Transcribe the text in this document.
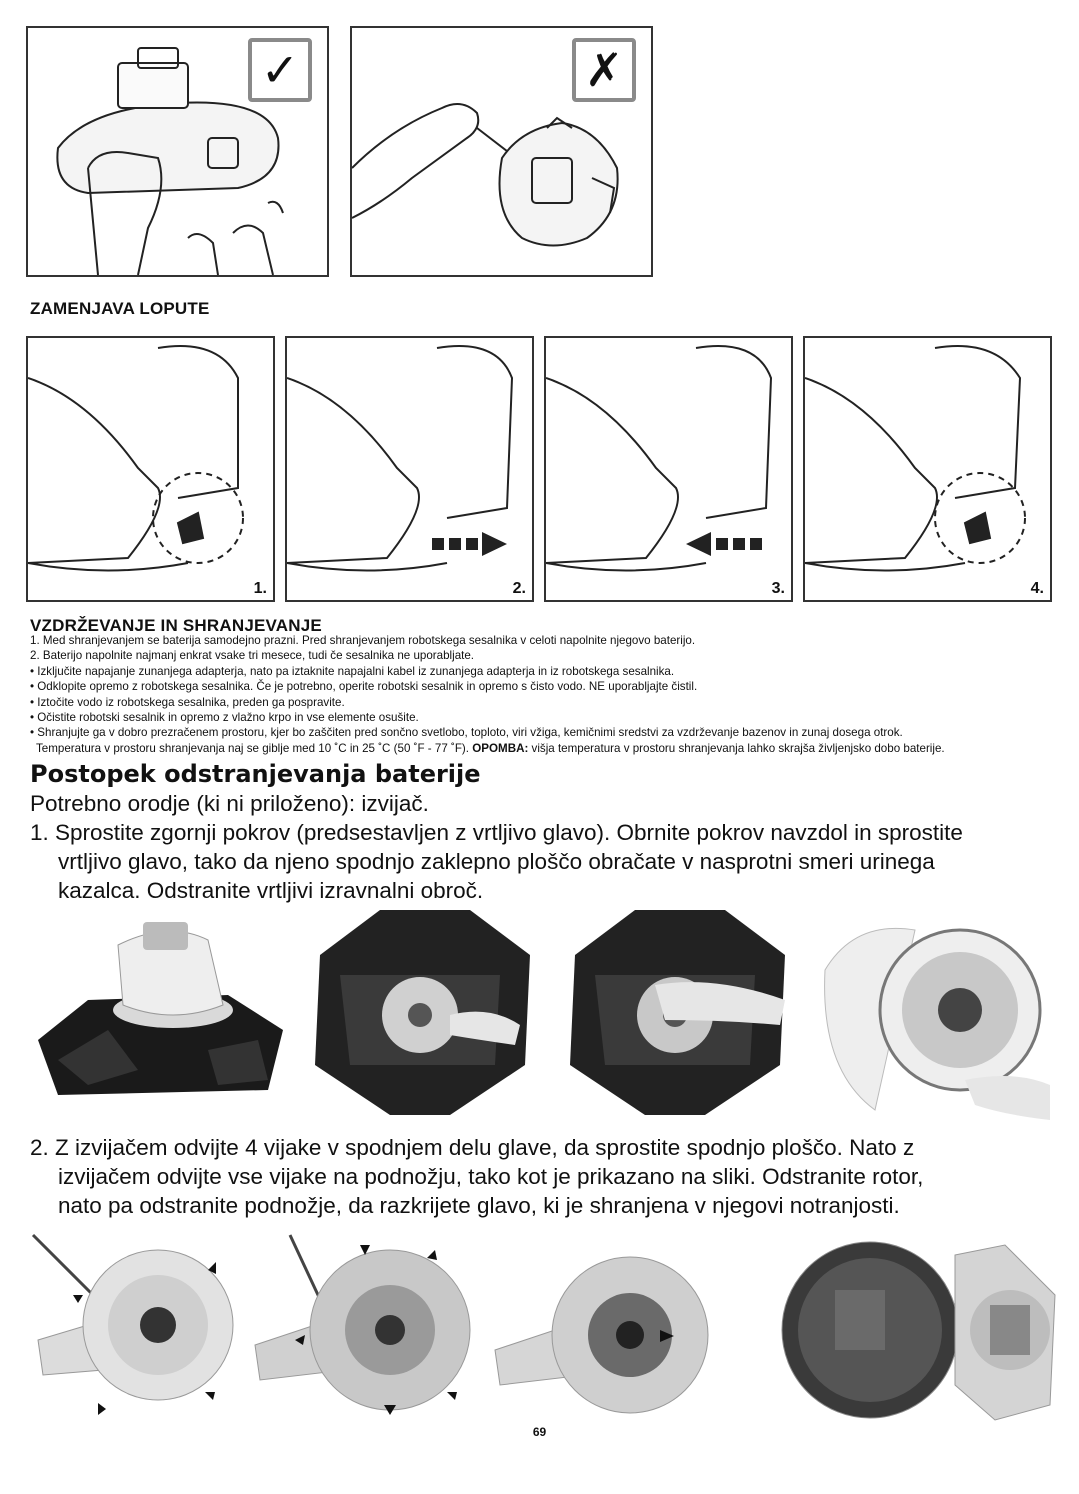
✓	✗
ZAMENJAVA LOPUTE
1.	2.	3.	4.
VZDRŽEVANJE IN SHRANJEVANJE
1. Med shranjevanjem se baterija samodejno prazni. Pred shranjevanjem robotskega sesalnika v celoti napolnite njegovo baterijo.
2. Baterijo napolnite najmanj enkrat vsake tri mesece, tudi če sesalnika ne uporabljate.
• Izključite napajanje zunanjega adapterja, nato pa iztaknite napajalni kabel iz zunanjega adapterja in iz robotskega sesalnika.
• Odklopite opremo z robotskega sesalnika. Če je potrebno, operite robotski sesalnik in opremo s čisto vodo. NE uporabljajte čistil.
• Iztočite vodo iz robotskega sesalnika, preden ga pospravite.
• Očistite robotski sesalnik in opremo z vlažno krpo in vse elemente osušite.
• Shranjujte ga v dobro prezračenem prostoru, kjer bo zaščiten pred sončno svetlobo, toploto, viri vžiga, kemičnimi sredstvi za vzdrževanje bazenov in zunaj dosega otrok.
Temperatura v prostoru shranjevanja naj se giblje med 10 ˚C in 25 ˚C (50 ˚F - 77 ˚F). OPOMBA: višja temperatura v prostoru shranjevanja lahko skrajša življenjsko dobo baterije.
Postopek odstranjevanja baterije
Potrebno orodje (ki ni priloženo): izvijač.
1. Sprostite zgornji pokrov (predsestavljen z vrtljivo glavo). Obrnite pokrov navzdol in sprostite
vrtljivo glavo, tako da njeno spodnjo zaklepno ploščo obračate v nasprotni smeri urinega
kazalca. Odstranite vrtljivi izravnalni obroč.
2. Z izvijačem odvijte 4 vijake v spodnjem delu glave, da sprostite spodnjo ploščo. Nato z
izvijačem odvijte vse vijake na podnožju, tako kot je prikazano na sliki. Odstranite rotor,
nato pa odstranite podnožje, da razkrijete glavo, ki je shranjena v njegovi notranjosti.
69
